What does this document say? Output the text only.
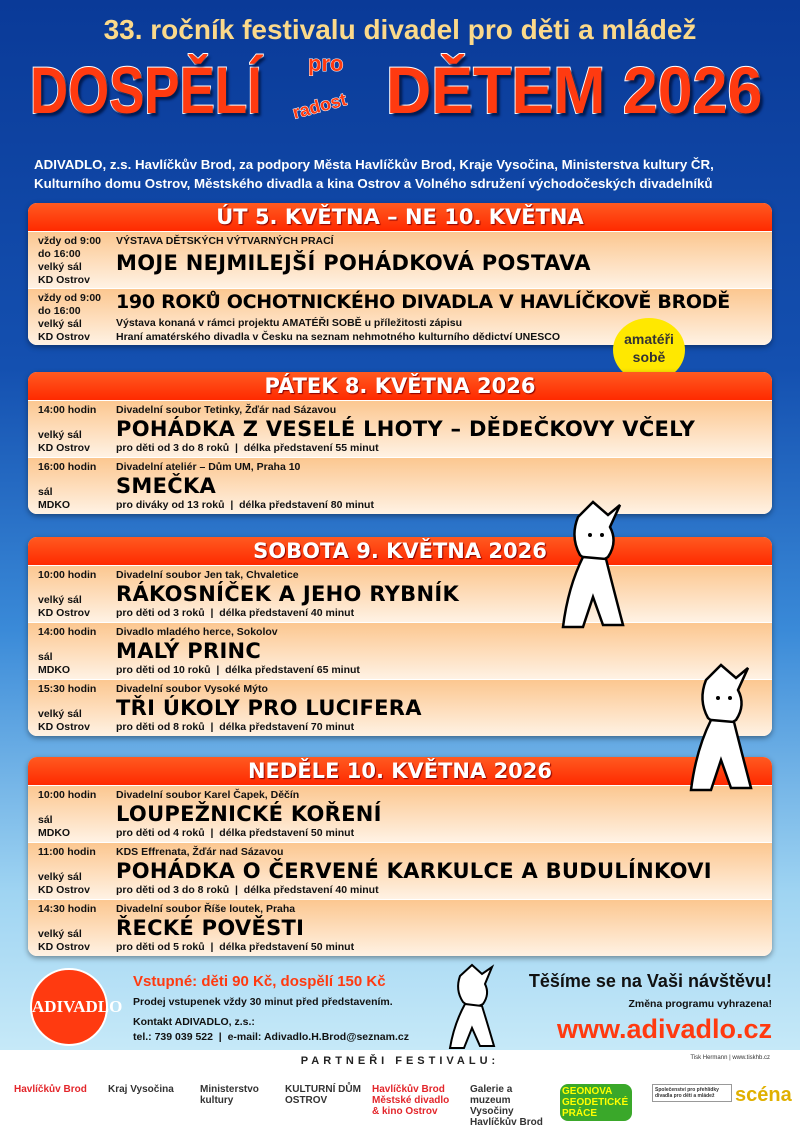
33. ročník festivalu divadel pro děti a mládež
DOSPĚLÍ pro
radost DĚTEM 2026
ADIVADLO, z.s. Havlíčkův Brod, za podpory Města Havlíčkův Brod, Kraje Vysočina, Ministerstva kultury ČR,
Kulturního domu Ostrov, Městského divadla a kina Ostrov a Volného sdružení východočeských divadelníků
ÚT 5. KVĚTNA – NE 10. KVĚTNA
vždy od 9:00
do 16:00
velký sál
KD Ostrov
VÝSTAVA DĚTSKÝCH VÝTVARNÝCH PRACÍ
MOJE NEJMILEJŠÍ POHÁDKOVÁ POSTAVA
vždy od 9:00
do 16:00
velký sál
KD Ostrov
190 ROKŮ OCHOTNICKÉHO DIVADLA V HAVLÍČKOVĚ BRODĚ
Výstava konaná v rámci projektu AMATÉŘI SOBĚ u příležitosti zápisu
Hraní amatérského divadla v Česku na seznam nehmotného kulturního dědictví UNESCO	amatéři
sobě
PÁTEK 8. KVĚTNA 2026
14:00 hodin
velký sál
KD Ostrov
Divadelní soubor Tetinky, Žďár nad Sázavou
POHÁDKA Z VESELÉ LHOTY – DĚDEČKOVY VČELY
pro děti od 3 do 8 roků  |  délka představení 55 minut
16:00 hodin
sál
MDKO
Divadelní ateliér – Dům UM, Praha 10
SMEČKA
pro diváky od 13 roků  |  délka představení 80 minut
SOBOTA 9. KVĚTNA 2026
10:00 hodin
velký sál
KD Ostrov
Divadelní soubor Jen tak, Chvaletice
RÁKOSNÍČEK A JEHO RYBNÍK
pro děti od 3 roků  |  délka představení 40 minut
14:00 hodin
sál
MDKO
Divadlo mladého herce, Sokolov
MALÝ PRINC
pro děti od 10 roků  |  délka představení 65 minut
15:30 hodin
velký sál
KD Ostrov
Divadelní soubor Vysoké Mýto
TŘI ÚKOLY PRO LUCIFERA
pro děti od 8 roků  |  délka představení 70 minut
NEDĚLE 10. KVĚTNA 2026
10:00 hodin
sál
MDKO
Divadelní soubor Karel Čapek, Děčín
LOUPEŽNICKÉ KOŘENÍ
pro děti od 4 roků  |  délka představení 50 minut
11:00 hodin
velký sál
KD Ostrov
KDS Effrenata, Žďár nad Sázavou
POHÁDKA O ČERVENÉ KARKULCE A BUDULÍNKOVI
pro děti od 3 do 8 roků  |  délka představení 40 minut
14:30 hodin
velký sál
KD Ostrov
Divadelní soubor Říše loutek, Praha
ŘECKÉ POVĚSTI
pro děti od 5 roků  |  délka představení 50 minut
ADIVADLO
Vstupné: děti 90 Kč, dospělí 150 Kč
Prodej vstupenek vždy 30 minut před představením.
Kontakt ADIVADLO, z.s.:
tel.: 739 039 522  |  e-mail: Adivadlo.H.Brod@seznam.cz
Těšíme se na Vaši návštěvu!
Změna programu vyhrazena!
www.adivadlo.cz
PARTNEŘI FESTIVALU:	Tisk Hermann | www.tiskhb.cz
Havlíčkův Brod	Kraj Vysočina	Ministerstvo kultury
KULTURNÍ DŮM OSTROV
Havlíčkův Brod Městské divadlo & kino Ostrov
Galerie a muzeum Vysočiny Havlíčkův Brod
GEONOVA GEODETICKÉ PRÁCE
Společenství pro přehlídky divadla pro děti a mládež	scéna
